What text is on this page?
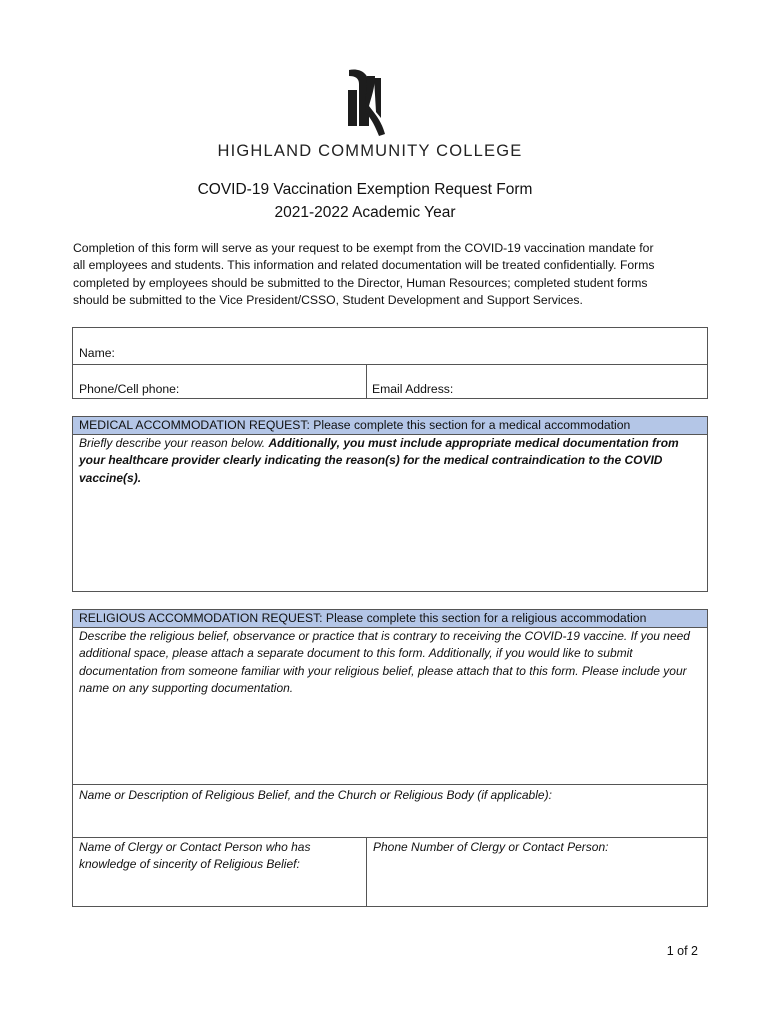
HIGHLAND COMMUNITY COLLEGE
COVID-19 Vaccination Exemption Request Form
2021-2022 Academic Year
Completion of this form will serve as your request to be exempt from the COVID-19 vaccination mandate for
all employees and students. This information and related documentation will be treated confidentially. Forms
completed by employees should be submitted to the Director, Human Resources; completed student forms
should be submitted to the Vice President/CSSO, Student Development and Support Services.
Name:
Phone/Cell phone:	Email Address:
MEDICAL ACCOMMODATION REQUEST: Please complete this section for a medical accommodation
Briefly describe your reason below. Additionally, you must include appropriate medical documentation from your healthcare provider clearly indicating the reason(s) for the medical contraindication to the COVID vaccine(s).
RELIGIOUS ACCOMMODATION REQUEST: Please complete this section for a religious accommodation
Describe the religious belief, observance or practice that is contrary to receiving the COVID-19 vaccine. If you need additional space, please attach a separate document to this form. Additionally, if you would like to submit documentation from someone familiar with your religious belief, please attach that to this form. Please include your name on any supporting documentation.
Name or Description of Religious Belief, and the Church or Religious Body (if applicable):
Name of Clergy or Contact Person who has knowledge of sincerity of Religious Belief:
Phone Number of Clergy or Contact Person:
1 of 2
